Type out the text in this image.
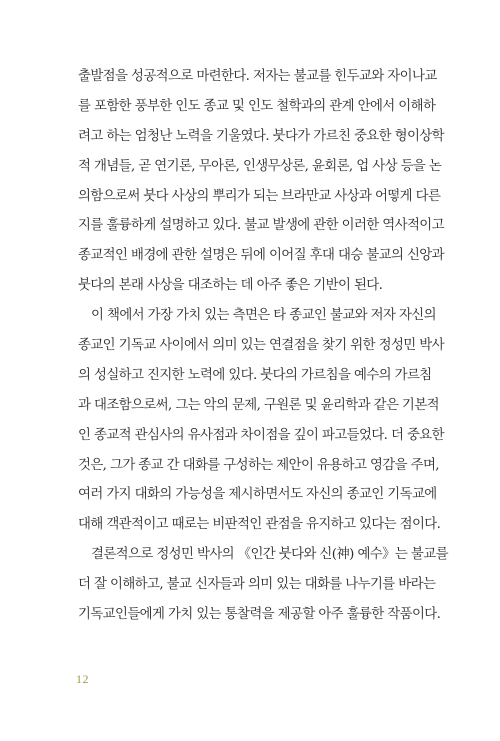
출발점을 성공적으로 마련한다. 저자는 불교를 힌두교와 자이나교
를 포함한 풍부한 인도 종교 및 인도 철학과의 관계 안에서 이해하
려고 하는 엄청난 노력을 기울였다. 붓다가 가르친 중요한 형이상학
적 개념들, 곧 연기론, 무아론, 인생무상론, 윤회론, 업 사상 등을 논
의함으로써 붓다 사상의 뿌리가 되는 브라만교 사상과 어떻게 다른
지를 훌륭하게 설명하고 있다. 불교 발생에 관한 이러한 역사적이고
종교적인 배경에 관한 설명은 뒤에 이어질 후대 대승 불교의 신앙과
붓다의 본래 사상을 대조하는 데 아주 좋은 기반이 된다.
이 책에서 가장 가치 있는 측면은 타 종교인 불교와 저자 자신의
종교인 기독교 사이에서 의미 있는 연결점을 찾기 위한 정성민 박사
의 성실하고 진지한 노력에 있다. 붓다의 가르침을 예수의 가르침
과 대조함으로써, 그는 악의 문제, 구원론 및 윤리학과 같은 기본적
인 종교적 관심사의 유사점과 차이점을 깊이 파고들었다. 더 중요한
것은, 그가 종교 간 대화를 구성하는 제안이 유용하고 영감을 주며,
여러 가지 대화의 가능성을 제시하면서도 자신의 종교인 기독교에
대해 객관적이고 때로는 비판적인 관점을 유지하고 있다는 점이다.
결론적으로 정성민 박사의 《인간 붓다와 신(神) 예수》는 불교를
더 잘 이해하고, 불교 신자들과 의미 있는 대화를 나누기를 바라는
기독교인들에게 가치 있는 통찰력을 제공할 아주 훌륭한 작품이다.
12
